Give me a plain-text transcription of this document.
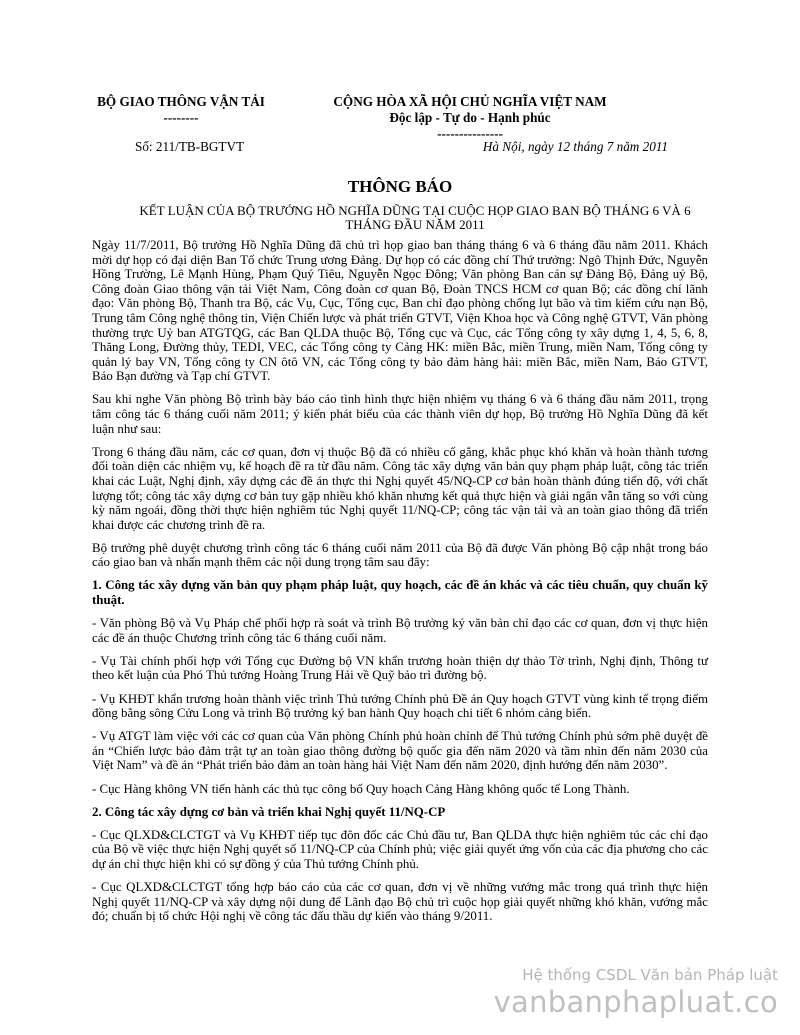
BỘ GIAO THÔNG VẬN TẢI
--------
CỘNG HÒA XÃ HỘI CHỦ NGHĨA VIỆT NAM
Độc lập - Tự do - Hạnh phúc
---------------
Số: 211/TB-BGTVT	Hà Nội, ngày 12 tháng 7 năm 2011
THÔNG BÁO
KẾT LUẬN CỦA BỘ TRƯỞNG HỒ NGHĨA DŨNG TẠI CUỘC HỌP GIAO BAN BỘ THÁNG 6 VÀ 6 THÁNG ĐẦU NĂM 2011

Ngày 11/7/2011, Bộ trưởng Hồ Nghĩa Dũng đã chủ trì họp giao ban tháng tháng 6 và 6 tháng đầu năm 2011. Khách mời dự họp có đại diện Ban Tổ chức Trung ương Đảng. Dự họp có các đồng chí Thứ trưởng: Ngô Thịnh Đức, Nguyễn Hồng Trường, Lê Mạnh Hùng, Phạm Quý Tiêu, Nguyễn Ngọc Đông; Văn phòng Ban cán sự Đảng Bộ, Đảng uỷ Bộ, Công đoàn Giao thông vận tải Việt Nam, Công đoàn cơ quan Bộ, Đoàn TNCS HCM cơ quan Bộ; các đồng chí lãnh đạo: Văn phòng Bộ, Thanh tra Bộ, các Vụ, Cục, Tổng cục, Ban chỉ đạo phòng chống lụt bão và tìm kiếm cứu nạn Bộ, Trung tâm Công nghệ thông tin, Viện Chiến lược và phát triển GTVT, Viện Khoa học và Công nghệ GTVT, Văn phòng thường trực Uỷ ban ATGTQG, các Ban QLDA thuộc Bộ, Tổng cục và Cục, các Tổng công ty xây dựng 1, 4, 5, 6, 8, Thăng Long, Đường thủy, TEDI, VEC, các Tổng công ty Cảng HK: miền Bắc, miền Trung, miền Nam, Tổng công ty quản lý bay VN, Tổng công ty CN ôtô VN, các Tổng công ty bảo đảm hàng hải: miền Bắc, miền Nam, Báo GTVT, Báo Bạn đường và Tạp chí GTVT.

Sau khi nghe Văn phòng Bộ trình bày báo cáo tình hình thực hiện nhiệm vụ tháng 6 và 6 tháng đầu năm 2011, trọng tâm công tác 6 tháng cuối năm 2011; ý kiến phát biểu của các thành viên dự họp, Bộ trưởng Hồ Nghĩa Dũng đã kết luận như sau:

Trong 6 tháng đầu năm, các cơ quan, đơn vị thuộc Bộ đã có nhiều cố gắng, khắc phục khó khăn và hoàn thành tương đối toàn diện các nhiệm vụ, kế hoạch đề ra từ đầu năm. Công tác xây dựng văn bản quy phạm pháp luật, công tác triển khai các Luật, Nghị định, xây dựng các đề án thực thi Nghị quyết 45/NQ-CP cơ bản hoàn thành đúng tiến độ, với chất lượng tốt; công tác xây dựng cơ bản tuy gặp nhiều khó khăn nhưng kết quả thực hiện và giải ngân vẫn tăng so với cùng kỳ năm ngoái, đồng thời thực hiện nghiêm túc Nghị quyết 11/NQ-CP; công tác vận tải và an toàn giao thông đã triển khai được các chương trình đề ra.

Bộ trưởng phê duyệt chương trình công tác 6 tháng cuối năm 2011 của Bộ đã được Văn phòng Bộ cập nhật trong báo cáo giao ban và nhấn mạnh thêm các nội dung trọng tâm sau đây:

1. Công tác xây dựng văn bản quy phạm pháp luật, quy hoạch, các đề án khác và các tiêu chuẩn, quy chuẩn kỹ thuật.

- Văn phòng Bộ và Vụ Pháp chế phối hợp rà soát và trình Bộ trưởng ký văn bản chỉ đạo các cơ quan, đơn vị thực hiện các đề án thuộc Chương trình công tác 6 tháng cuối năm.

- Vụ Tài chính phối hợp với Tổng cục Đường bộ VN khẩn trương hoàn thiện dự thảo Tờ trình, Nghị định, Thông tư theo kết luận của Phó Thủ tướng Hoàng Trung Hải về Quỹ bảo trì đường bộ.

- Vụ KHĐT khẩn trương hoàn thành việc trình Thủ tướng Chính phủ Đề án Quy hoạch GTVT vùng kinh tế trọng điểm đồng bằng sông Cửu Long và trình Bộ trưởng ký ban hành Quy hoạch chi tiết 6 nhóm cảng biển.

- Vụ ATGT làm việc với các cơ quan của Văn phòng Chính phủ hoàn chỉnh để Thủ tướng Chính phủ sớm phê duyệt đề án “Chiến lược bảo đảm trật tự an toàn giao thông đường bộ quốc gia đến năm 2020 và tầm nhìn đến năm 2030 của Việt Nam” và đề án “Phát triển bảo đảm an toàn hàng hải Việt Nam đến năm 2020, định hướng đến năm 2030”.

- Cục Hàng không VN tiến hành các thủ tục công bố Quy hoạch Cảng Hàng không quốc tế Long Thành.

2. Công tác xây dựng cơ bản và triển khai Nghị quyết 11/NQ-CP

- Cục QLXD&CLCTGT và Vụ KHĐT tiếp tục đôn đốc các Chủ đầu tư, Ban QLDA thực hiện nghiêm túc các chỉ đạo của Bộ về việc thực hiện Nghị quyết số 11/NQ-CP của Chính phủ; việc giải quyết ứng vốn của các địa phương cho các dự án chỉ thực hiện khi có sự đồng ý của Thủ tướng Chính phủ.

- Cục QLXD&CLCTGT tổng hợp báo cáo của các cơ quan, đơn vị về những vướng mắc trong quá trình thực hiện Nghị quyết 11/NQ-CP và xây dựng nội dung để Lãnh đạo Bộ chủ trì cuộc họp giải quyết những khó khăn, vướng mắc đó; chuẩn bị tổ chức Hội nghị về công tác đấu thầu dự kiến vào tháng 9/2011.

Hệ thống CSDL Văn bản Pháp luật
vanbanphapluat.co
